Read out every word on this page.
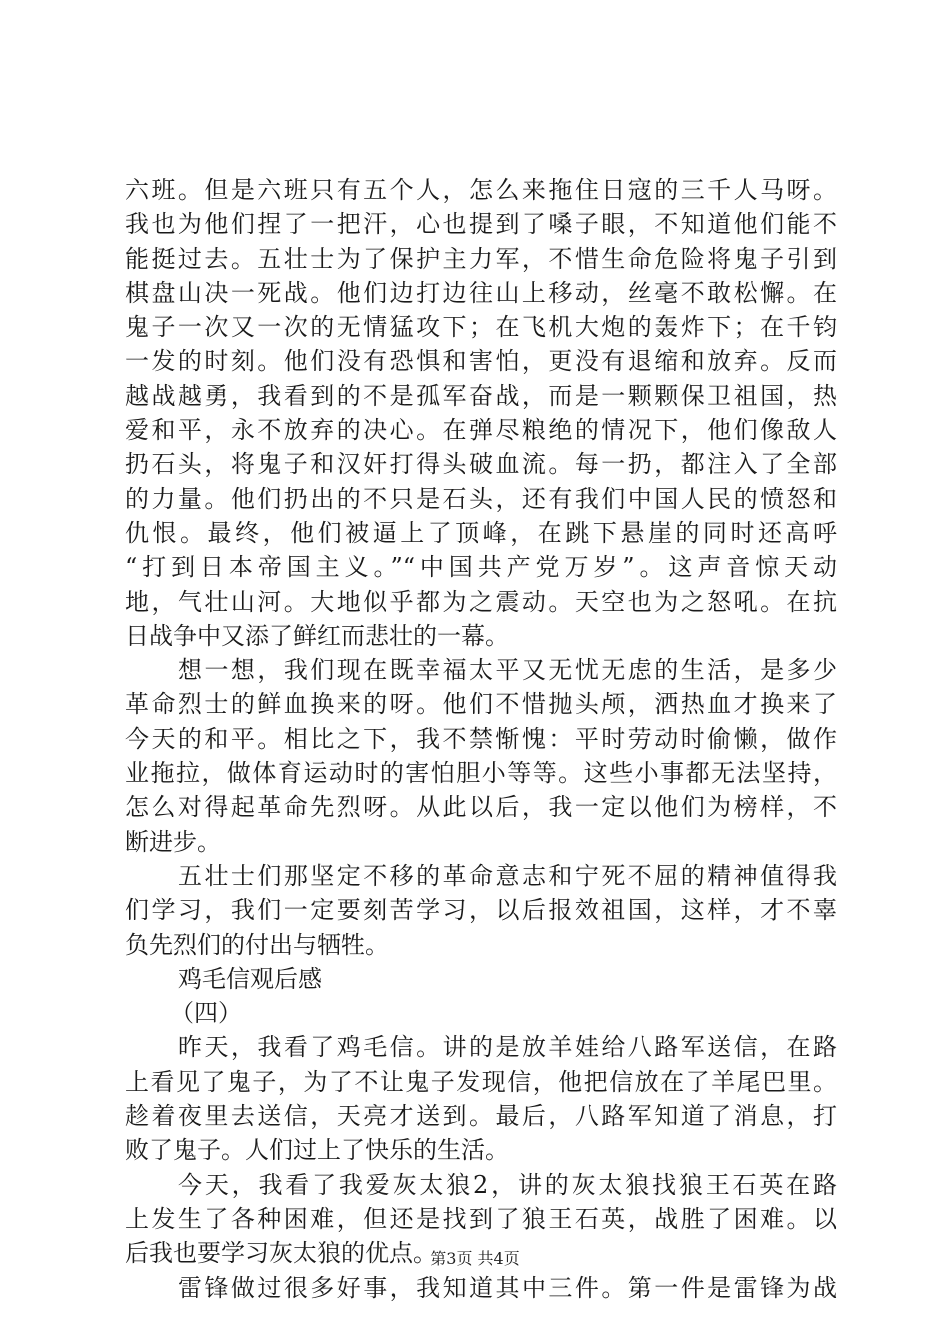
六班。但是六班只有五个人，怎么来拖住日寇的三千人马呀。
我也为他们捏了一把汗，心也提到了嗓子眼，不知道他们能不
能挺过去。五壮士为了保护主力军，不惜生命危险将鬼子引到
棋盘山决一死战。他们边打边往山上移动，丝毫不敢松懈。在
鬼子一次又一次的无情猛攻下；在飞机大炮的轰炸下；在千钧
一发的时刻。他们没有恐惧和害怕，更没有退缩和放弃。反而
越战越勇，我看到的不是孤军奋战，而是一颗颗保卫祖国，热
爱和平，永不放弃的决心。在弹尽粮绝的情况下，他们像敌人
扔石头，将鬼子和汉奸打得头破血流。每一扔，都注入了全部
的力量。他们扔出的不只是石头，还有我们中国人民的愤怒和
仇恨。最终，他们被逼上了顶峰，在跳下悬崖的同时还高呼
“打到日本帝国主义。”“中国共产党万岁”。这声音惊天动
地，气壮山河。大地似乎都为之震动。天空也为之怒吼。在抗
日战争中又添了鲜红而悲壮的一幕。
想一想，我们现在既幸福太平又无忧无虑的生活，是多少
革命烈士的鲜血换来的呀。他们不惜抛头颅，洒热血才换来了
今天的和平。相比之下，我不禁惭愧：平时劳动时偷懒，做作
业拖拉，做体育运动时的害怕胆小等等。这些小事都无法坚持，
怎么对得起革命先烈呀。从此以后，我一定以他们为榜样，不
断进步。
五壮士们那坚定不移的革命意志和宁死不屈的精神值得我
们学习，我们一定要刻苦学习，以后报效祖国，这样，才不辜
负先烈们的付出与牺牲。
鸡毛信观后感
（四）
昨天，我看了鸡毛信。讲的是放羊娃给八路军送信，在路
上看见了鬼子，为了不让鬼子发现信，他把信放在了羊尾巴里。
趁着夜里去送信，天亮才送到。最后，八路军知道了消息，打
败了鬼子。人们过上了快乐的生活。
今天，我看了我爱灰太狼2，讲的灰太狼找狼王石英在路
上发生了各种困难，但还是找到了狼王石英，战胜了困难。以
后我也要学习灰太狼的优点。
雷锋做过很多好事，我知道其中三件。第一件是雷锋为战
第3页 共4页
